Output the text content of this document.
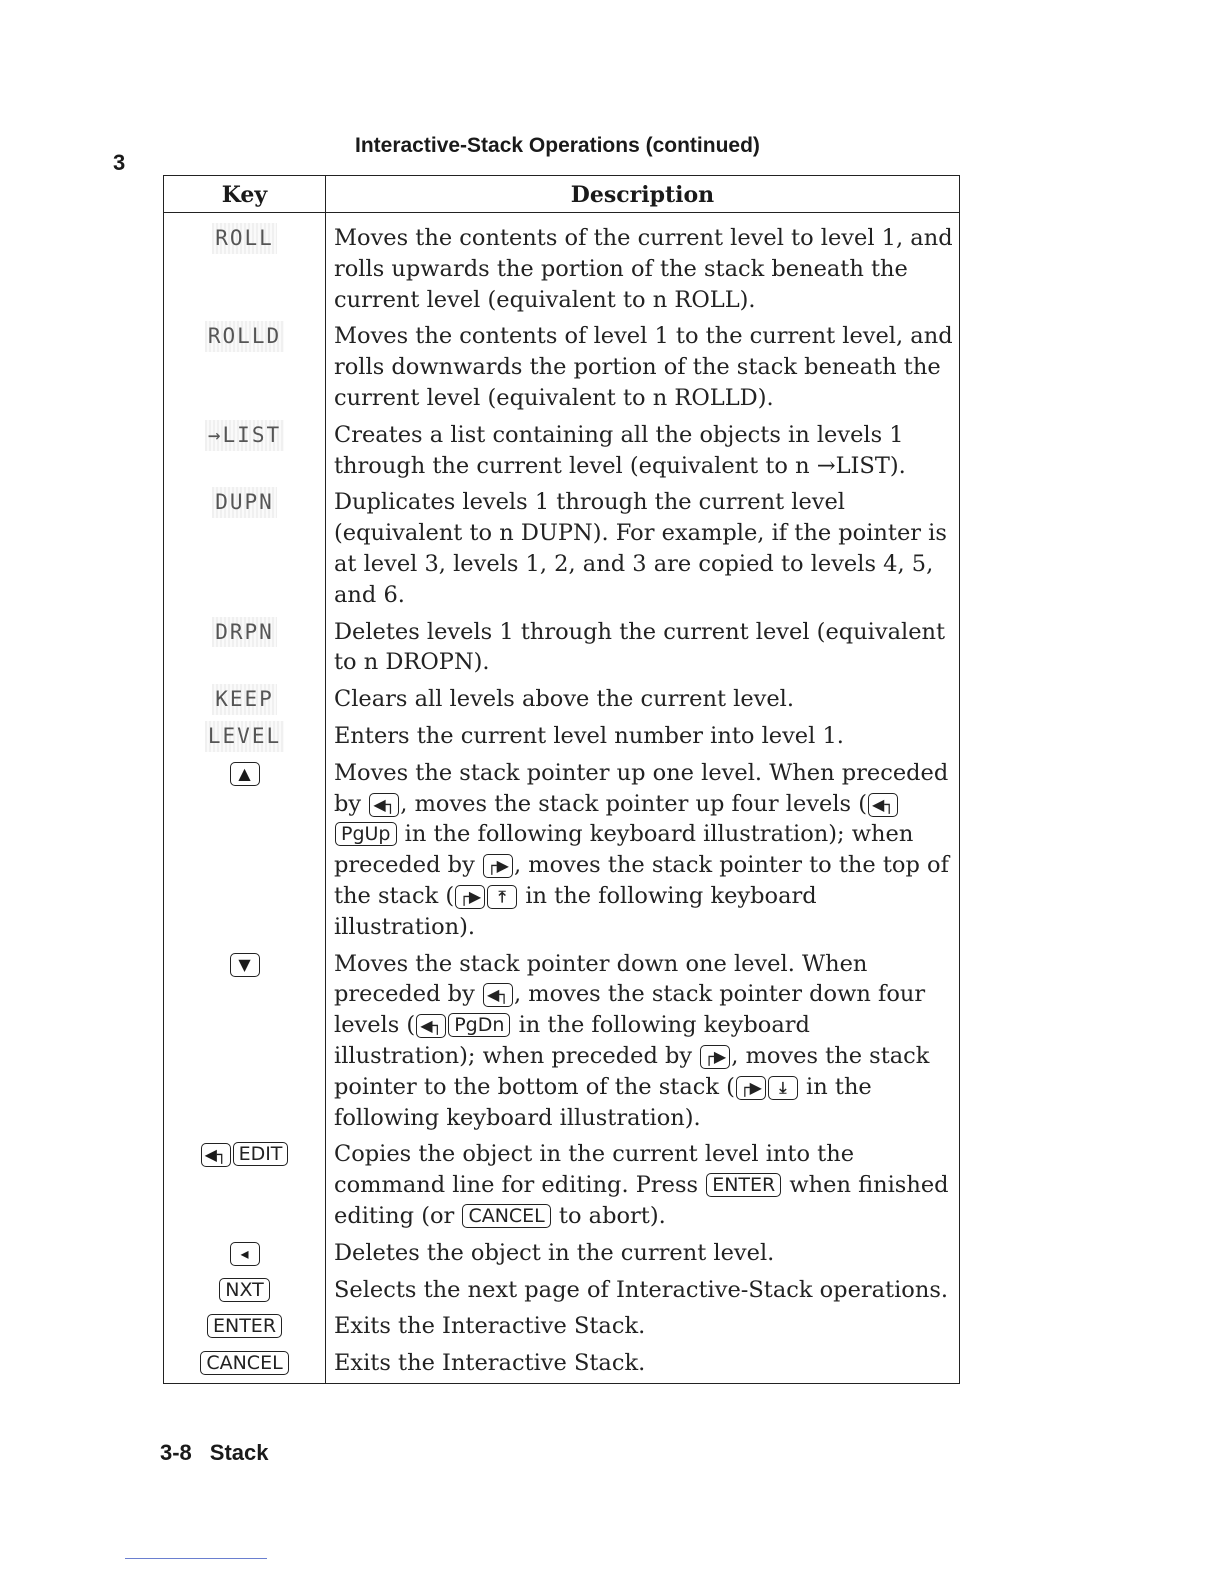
3
Interactive-Stack Operations (continued)
Key	Description
ROLL	Moves the contents of the current level to level 1, and rolls upwards the portion of the stack beneath the current level (equivalent to n ROLL).
ROLLD	Moves the contents of level 1 to the current level, and rolls downwards the portion of the stack beneath the current level (equivalent to n ROLLD).
→LIST	Creates a list containing all the objects in levels 1 through the current level (equivalent to n →LIST).
DUPN	Duplicates levels 1 through the current level (equivalent to n DUPN). For example, if the pointer is at level 3, levels 1, 2, and 3 are copied to levels 4, 5, and 6.
DRPN	Deletes levels 1 through the current level (equivalent to n DROPN).
KEEP	Clears all levels above the current level.
LEVEL	Enters the current level number into level 1.
▲	Moves the stack pointer up one level. When preceded by ◀┐ , moves the stack pointer up four levels ( ◀┐PgUp in the following keyboard illustration); when preceded by ┌▶ , moves the stack pointer to the top of the stack ( ┌▶ ⤒ in the following keyboard illustration).
▼	Moves the stack pointer down one level. When preceded by ◀┐ , moves the stack pointer down four levels ( ◀┐ PgDn in the following keyboard illustration); when preceded by ┌▶ , moves the stack pointer to the bottom of the stack ( ┌▶ ⤓ in the following keyboard illustration).
◀┐ EDIT	Copies the object in the current level into the command line for editing. Press ENTER when finished editing (or CANCEL to abort).
◂	Deletes the object in the current level.
NXT	Selects the next page of Interactive-Stack operations.
ENTER	Exits the Interactive Stack.
CANCEL	Exits the Interactive Stack.
3-8 Stack
